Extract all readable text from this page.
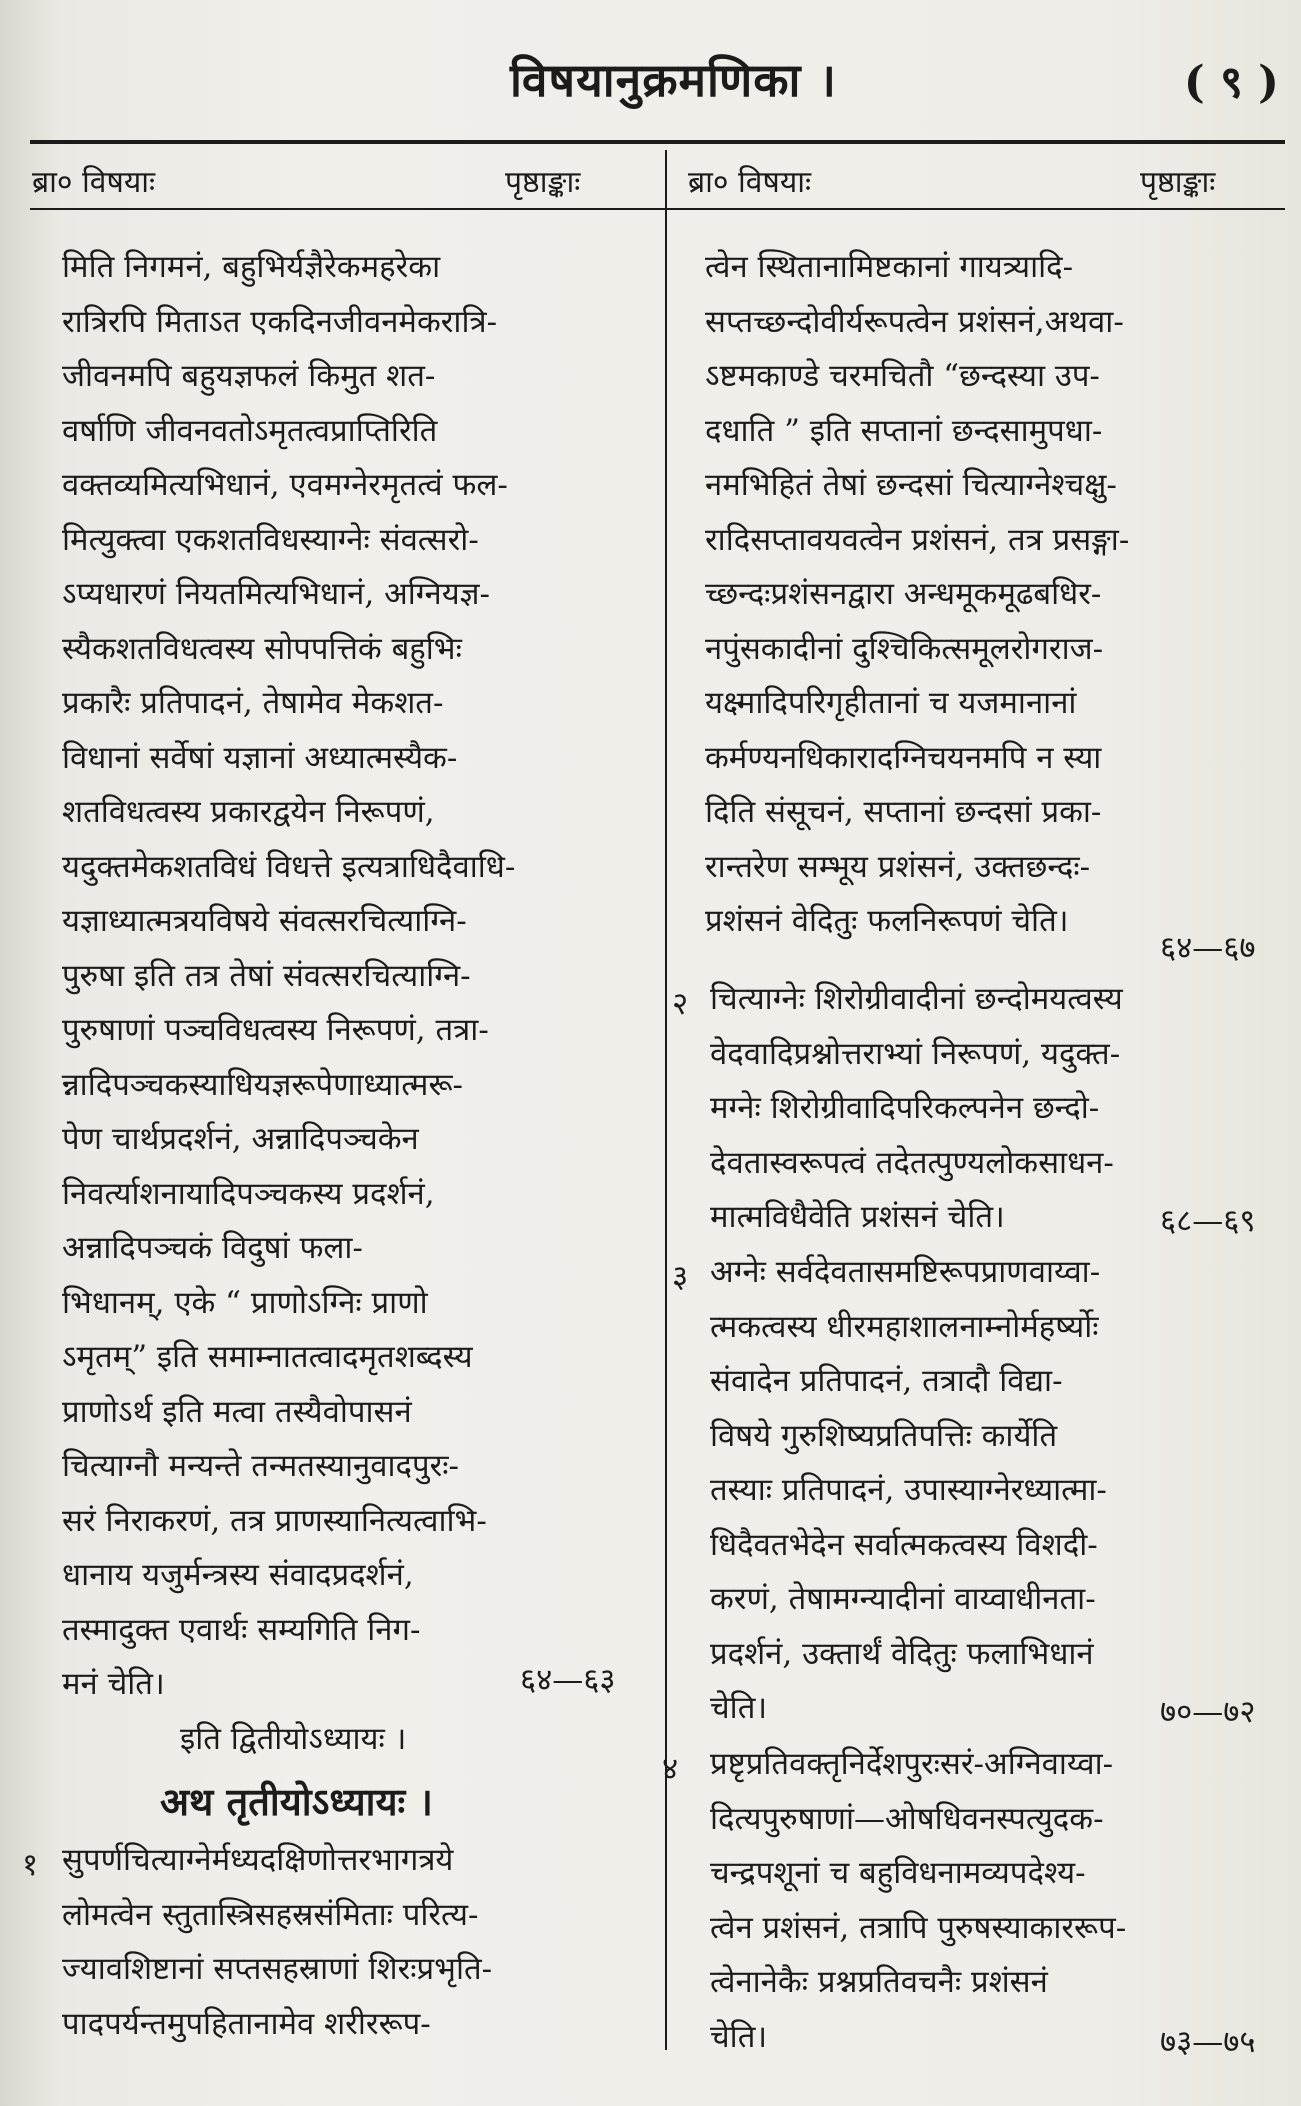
विषयानुक्रमणिका ।	( ९ )
ब्रा० विषयाः	पृष्ठाङ्काः	ब्रा० विषयाः	पृष्ठाङ्काः

मिति निगमनं, बहुभिर्यज्ञैरेकमहरेका

रात्रिरपि मिताऽत एकदिनजीवनमेकरात्रि-

जीवनमपि बहुयज्ञफलं किमुत शत-

वर्षाणि जीवनवतोऽमृतत्वप्राप्तिरिति

वक्तव्यमित्यभिधानं, एवमग्नेरमृतत्वं फल-

मित्युक्त्वा एकशतविधस्याग्नेः संवत्सरो-

ऽप्यधारणं नियतमित्यभिधानं, अग्नियज्ञ-

स्यैकशतविधत्वस्य सोपपत्तिकं बहुभिः

प्रकारैः प्रतिपादनं, तेषामेव मेकशत-

विधानां सर्वेषां यज्ञानां अध्यात्मस्यैक-

शतविधत्वस्य प्रकारद्वयेन निरूपणं,

यदुक्तमेकशतविधं विधत्ते इत्यत्राधिदैवाधि-

यज्ञाध्यात्मत्रयविषये संवत्सरचित्याग्नि-

पुरुषा इति तत्र तेषां संवत्सरचित्याग्नि-

पुरुषाणां पञ्चविधत्वस्य निरूपणं, तत्रा-

न्नादिपञ्चकस्याधियज्ञरूपेणाध्यात्मरू-

पेण चार्थप्रदर्शनं, अन्नादिपञ्चकेन

निवर्त्याशनायादिपञ्चकस्य प्रदर्शनं,

अन्नादिपञ्चकं विदुषां फला-

भिधानम्, एके “ प्राणोऽग्निः प्राणो

ऽमृतम्” इति समाम्नातत्वादमृतशब्दस्य

प्राणोऽर्थ इति मत्वा तस्यैवोपासनं

चित्याग्नौ मन्यन्ते तन्मतस्यानुवादपुरः-

सरं निराकरणं, तत्र प्राणस्यानित्यत्वाभि-

धानाय यजुर्मन्त्रस्य संवादप्रदर्शनं,

तस्मादुक्त एवार्थः सम्यगिति निग-

मनं चेति।	६४—६३
इति द्वितीयोऽध्यायः ।
अथ तृतीयोऽध्यायः ।
१ सुपर्णचित्याग्नेर्मध्यदक्षिणोत्तरभागत्रये

लोमत्वेन स्तुतास्त्रिसहस्रसंमिताः परित्य-

ज्यावशिष्टानां सप्तसहस्राणां शिरःप्रभृति-

पादपर्यन्तमुपहितानामेव शरीररूप-

त्वेन स्थितानामिष्टकानां गायत्र्यादि-

सप्तच्छन्दोवीर्यरूपत्वेन प्रशंसनं,अथवा-

ऽष्टमकाण्डे चरमचितौ “छन्दस्या उप-

दधाति ” इति सप्तानां छन्दसामुपधा-

नमभिहितं तेषां छन्दसां चित्याग्नेश्चक्षु-

रादिसप्तावयवत्वेन प्रशंसनं, तत्र प्रसङ्गा-

च्छन्दःप्रशंसनद्वारा अन्धमूकमूढबधिर-

नपुंसकादीनां दुश्चिकित्समूलरोगराज-

यक्ष्मादिपरिगृहीतानां च यजमानानां

कर्मण्यनधिकारादग्निचयनमपि न स्या

दिति संसूचनं, सप्तानां छन्दसां प्रका-

रान्तरेण सम्भूय प्रशंसनं, उक्तछन्दः-

प्रशंसनं वेदितुः फलनिरूपणं चेति।

६४—६७
२ चित्याग्नेः शिरोग्रीवादीनां छन्दोमयत्वस्य

वेदवादिप्रश्नोत्तराभ्यां निरूपणं, यदुक्त-

मग्नेः शिरोग्रीवादिपरिकल्पनेन छन्दो-

देवतास्वरूपत्वं तदेतत्पुण्यलोकसाधन-

मात्मविधैवेति प्रशंसनं चेति।	६८—६९
३ अग्नेः सर्वदेवतासमष्टिरूपप्राणवाय्वा-

त्मकत्वस्य धीरमहाशालनाम्नोर्महर्ष्योः

संवादेन प्रतिपादनं, तत्रादौ विद्या-

विषये गुरुशिष्यप्रतिपत्तिः कार्येति

तस्याः प्रतिपादनं, उपास्याग्नेरध्यात्मा-

धिदैवतभेदेन सर्वात्मकत्वस्य विशदी-

करणं, तेषामग्न्यादीनां वाय्वाधीनता-

प्रदर्शनं, उक्तार्थं वेदितुः फलाभिधानं

चेति।	७०—७२
४ प्रष्टृप्रतिवक्तृनिर्देशपुरःसरं-अग्निवाय्वा-

दित्यपुरुषाणां—ओषधिवनस्पत्युदक-

चन्द्रपशूनां च बहुविधनामव्यपदेश्य-

त्वेन प्रशंसनं, तत्रापि पुरुषस्याकाररूप-

त्वेनानेकैः प्रश्नप्रतिवचनैः प्रशंसनं

चेति।	७३—७५
